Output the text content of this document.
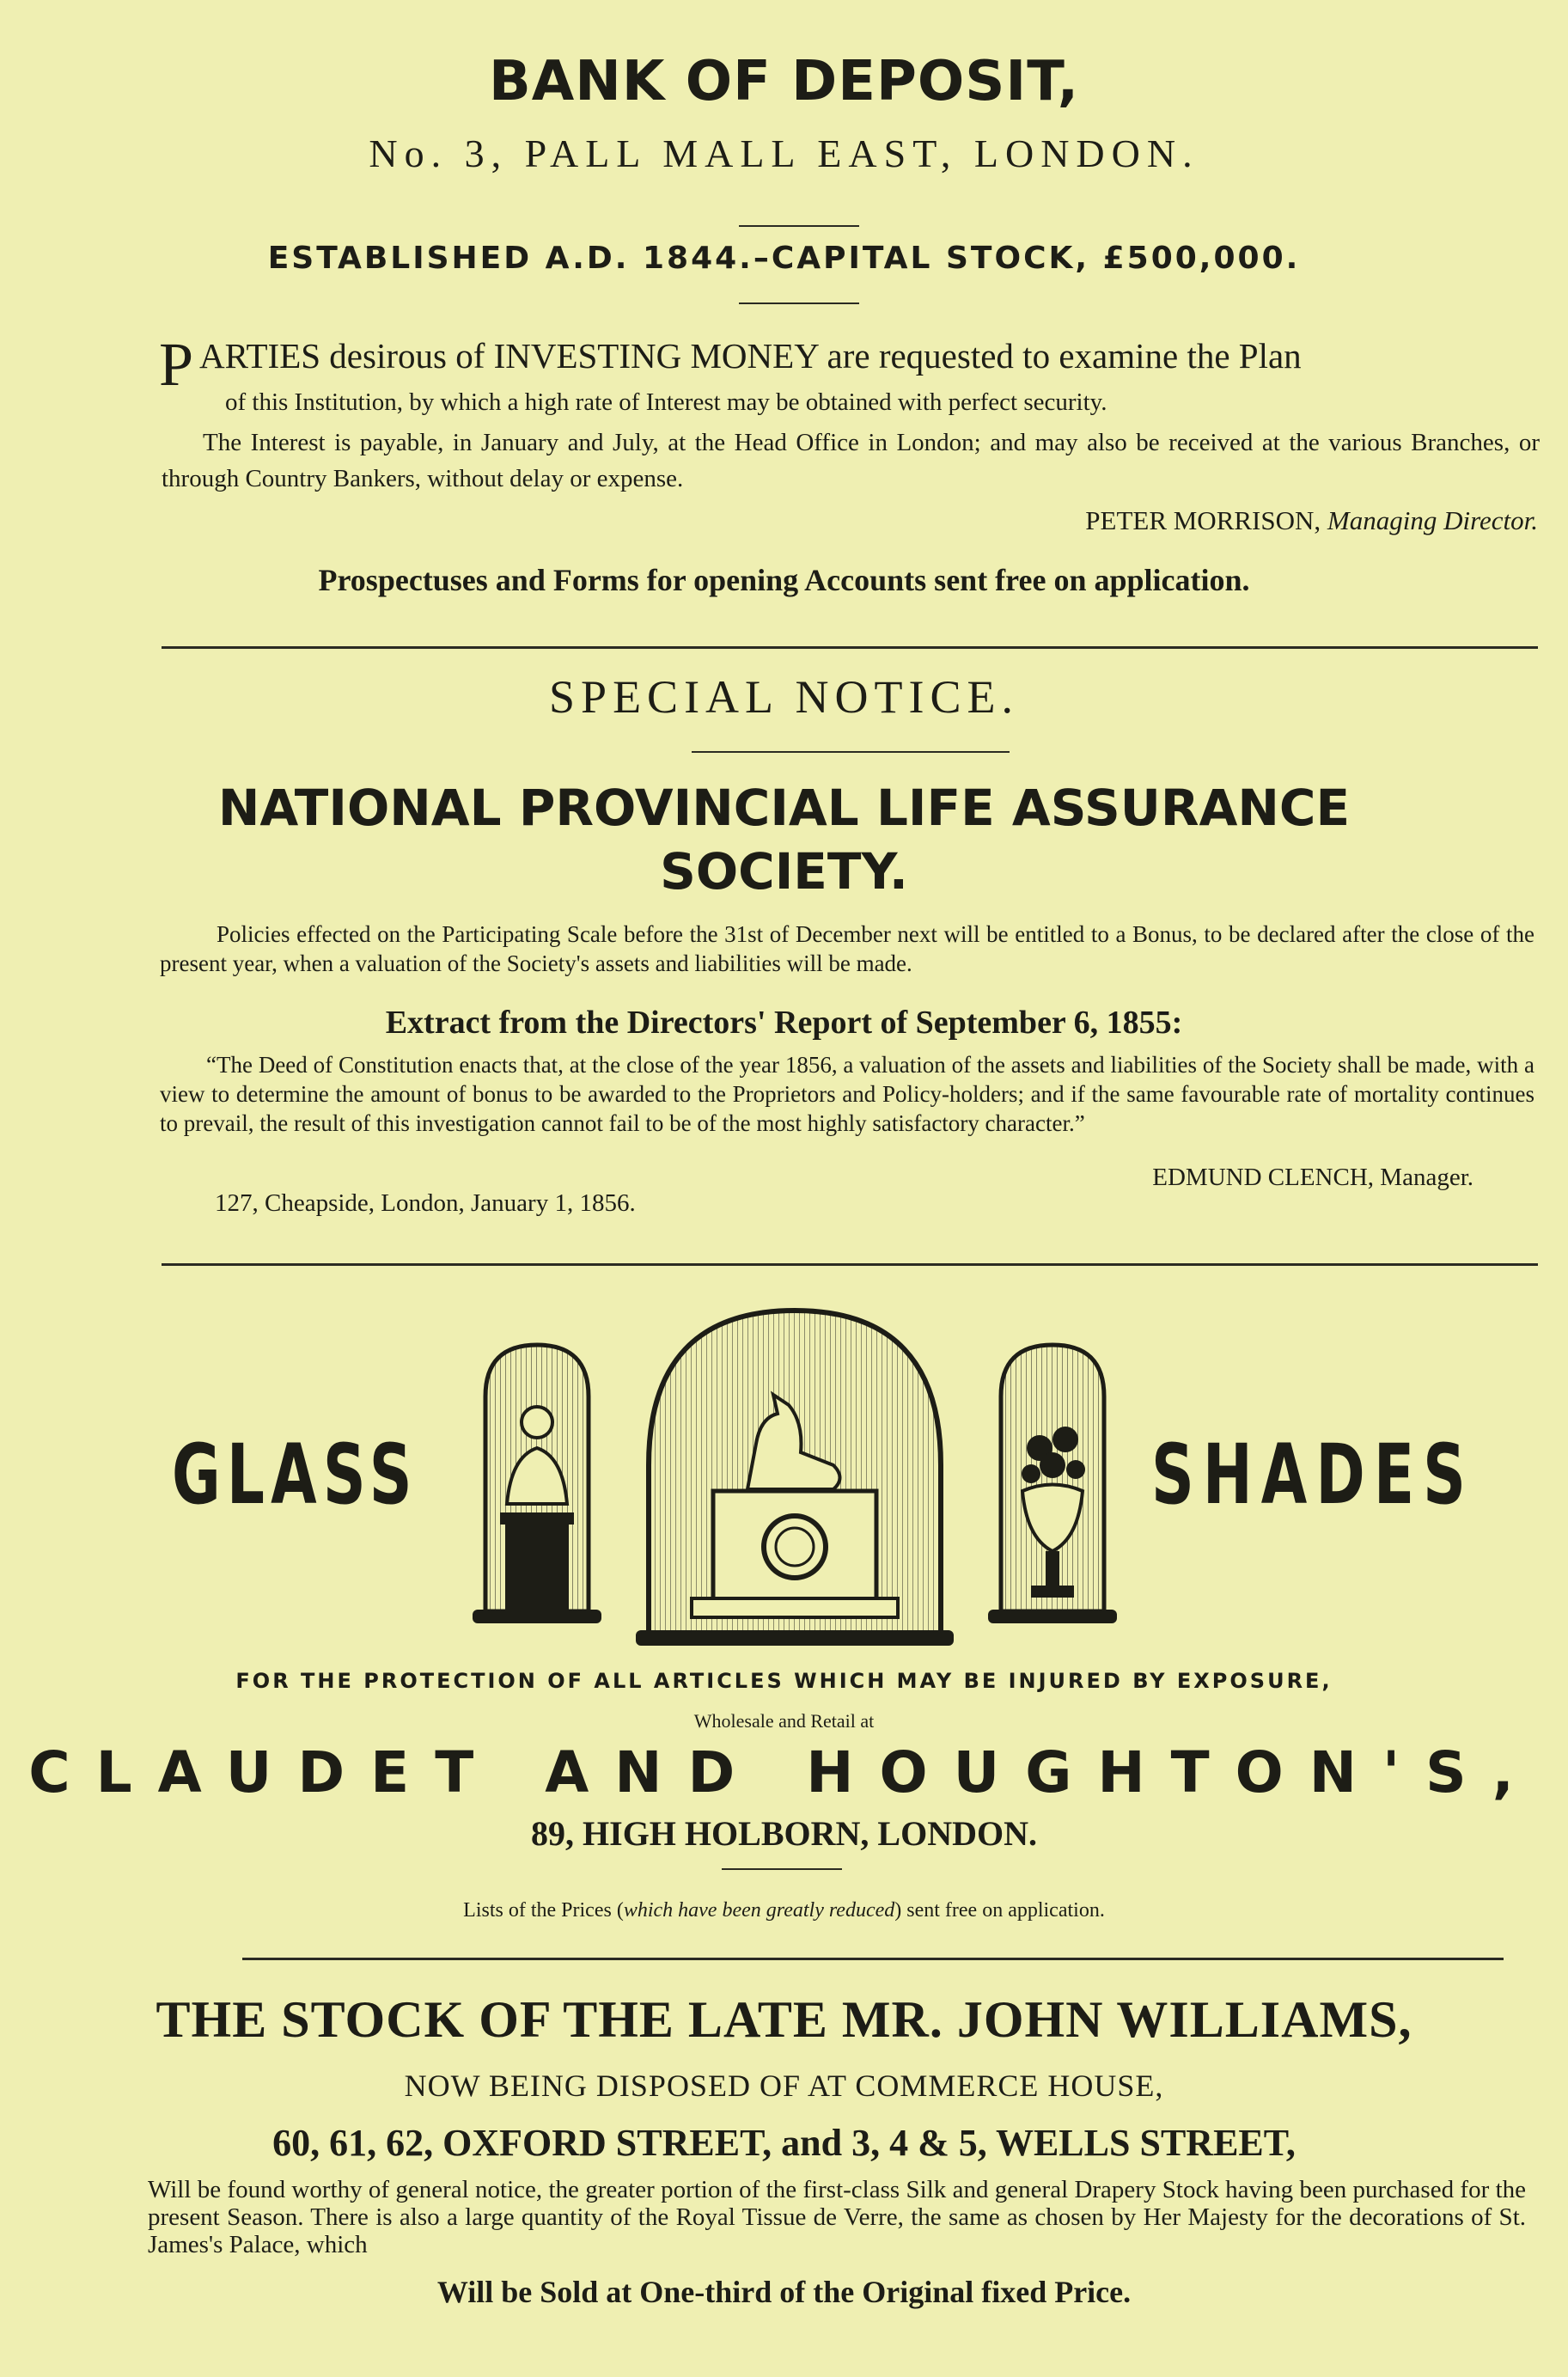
BANK OF DEPOSIT,
No. 3, PALL MALL EAST, LONDON.
ESTABLISHED A.D. 1844.–CAPITAL STOCK, £500,000.
P ARTIES desirous of INVESTING MONEY are requested to examine the Plan
of this Institution, by which a high rate of Interest may be obtained with perfect security.

The Interest is payable, in January and July, at the Head Office in London; and may also be received at the various Branches, or through Country Bankers, without delay or expense.

PETER MORRISON, Managing Director.
Prospectuses and Forms for opening Accounts sent free on application.
SPECIAL NOTICE.
NATIONAL PROVINCIAL LIFE ASSURANCE
SOCIETY.

Policies effected on the Participating Scale before the 31st of December next will be entitled to a Bonus, to be declared after the close of the present year, when a valuation of the Society's assets and liabilities will be made.

Extract from the Directors' Report of September 6, 1855:

“The Deed of Constitution enacts that, at the close of the year 1856, a valuation of the assets and liabilities of the Society shall be made, with a view to determine the amount of bonus to be awarded to the Proprietors and Policy-holders; and if the same favourable rate of mortality continues to prevail, the result of this investigation cannot fail to be of the most highly satisfactory character.”

EDMUND CLENCH, Manager.
127, Cheapside, London, January 1, 1856.
GLASS	SHADES
FOR THE PROTECTION OF ALL ARTICLES WHICH MAY BE INJURED BY EXPOSURE,
Wholesale and Retail at
CLAUDET AND HOUGHTON'S,
89, HIGH HOLBORN, LONDON.
Lists of the Prices (which have been greatly reduced) sent free on application.
THE STOCK OF THE LATE MR. JOHN WILLIAMS,
NOW BEING DISPOSED OF AT COMMERCE HOUSE,
60, 61, 62, OXFORD STREET, and 3, 4 & 5, WELLS STREET,

Will be found worthy of general notice, the greater portion of the first-class Silk and general Drapery Stock having been purchased for the present Season. There is also a large quantity of the Royal Tissue de Verre, the same as chosen by Her Majesty for the decorations of St. James's Palace, which

Will be Sold at One-third of the Original fixed Price.
